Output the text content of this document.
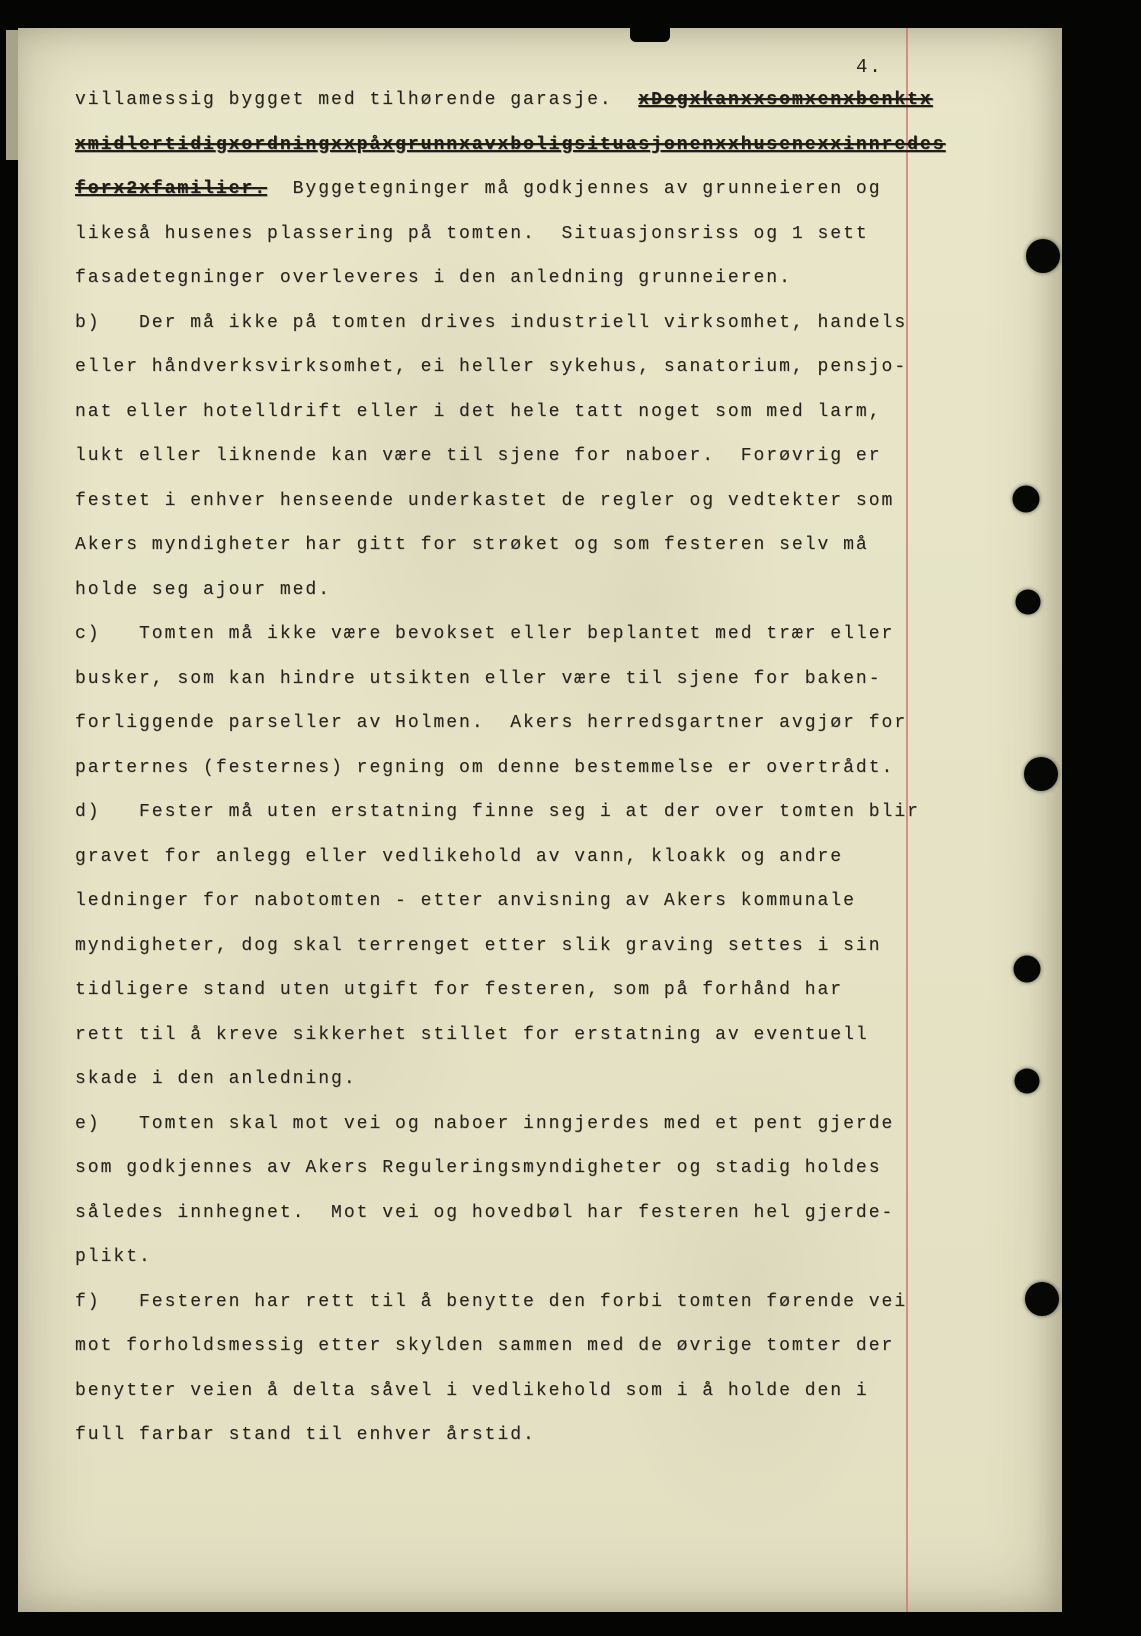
4.
villamessig bygget med tilhørende garasje.  xDogxkanxxsomxenxbenktx
xmidlertidigxordningxxpåxgrunnxavxboligsituasjonenxxhusenexxinnredes
forx2xfamilier.  Byggetegninger må godkjennes av grunneieren og
likeså husenes plassering på tomten.  Situasjonsriss og 1 sett
fasadetegninger overleveres i den anledning grunneieren.
b)   Der må ikke på tomten drives industriell virksomhet, handels
eller håndverksvirksomhet, ei heller sykehus, sanatorium, pensjo-
nat eller hotelldrift eller i det hele tatt noget som med larm,
lukt eller liknende kan være til sjene for naboer.  Forøvrig er
festet i enhver henseende underkastet de regler og vedtekter som
Akers myndigheter har gitt for strøket og som festeren selv må
holde seg ajour med.
c)   Tomten må ikke være bevokset eller beplantet med trær eller
busker, som kan hindre utsikten eller være til sjene for baken-
forliggende parseller av Holmen.  Akers herredsgartner avgjør for
parternes (festernes) regning om denne bestemmelse er overtrådt.
d)   Fester må uten erstatning finne seg i at der over tomten blir
gravet for anlegg eller vedlikehold av vann, kloakk og andre
ledninger for nabotomten - etter anvisning av Akers kommunale
myndigheter, dog skal terrenget etter slik graving settes i sin
tidligere stand uten utgift for festeren, som på forhånd har
rett til å kreve sikkerhet stillet for erstatning av eventuell
skade i den anledning.
e)   Tomten skal mot vei og naboer inngjerdes med et pent gjerde
som godkjennes av Akers Reguleringsmyndigheter og stadig holdes
således innhegnet.  Mot vei og hovedbøl har festeren hel gjerde-
plikt.
f)   Festeren har rett til å benytte den forbi tomten førende vei
mot forholdsmessig etter skylden sammen med de øvrige tomter der
benytter veien å delta såvel i vedlikehold som i å holde den i
full farbar stand til enhver årstid.
